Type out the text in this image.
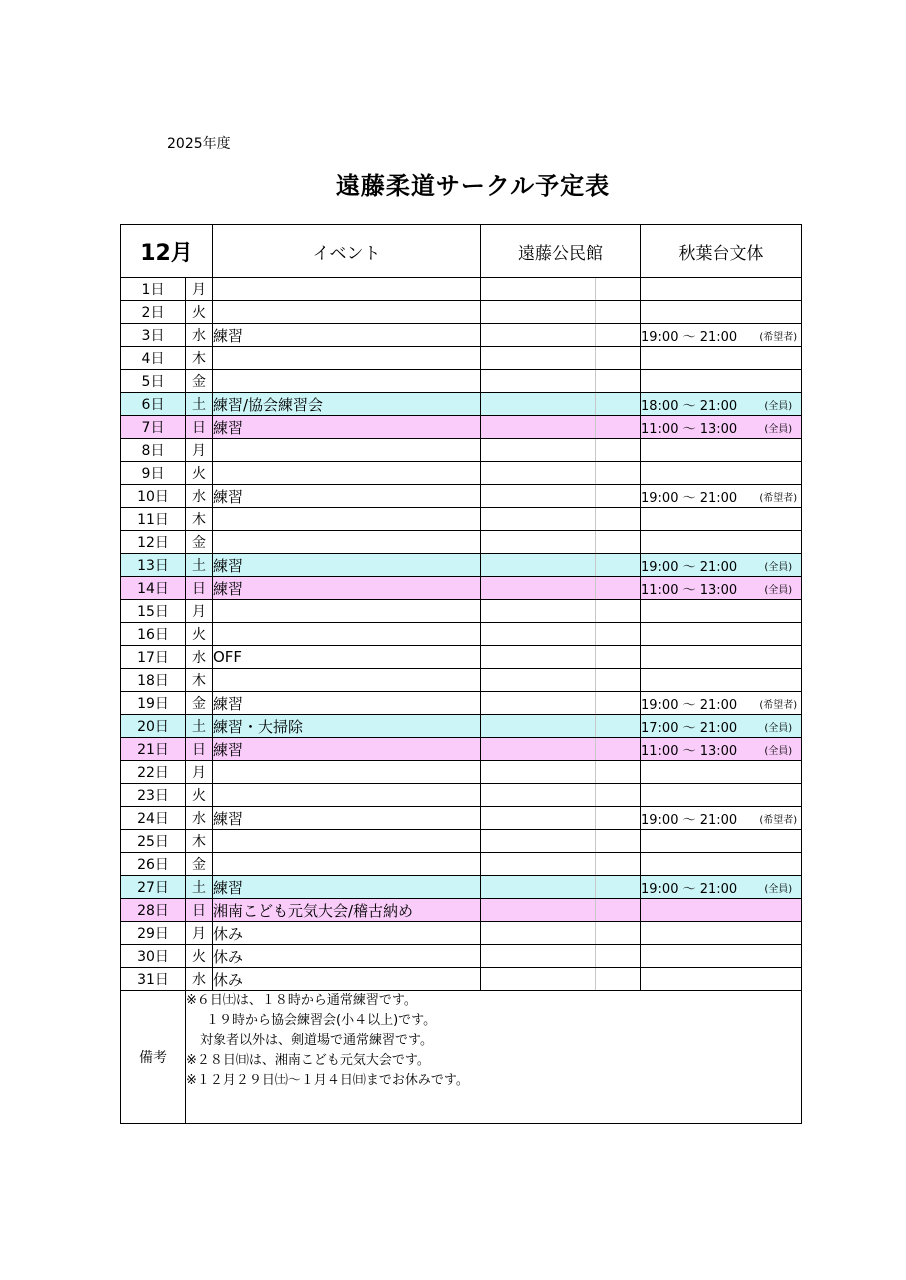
2025年度
遠藤柔道サークル予定表
12月		イベント	遠藤公民館		秋葉台文体	
1日	月					
2日	火					
3日	水	練習			19:00 〜 21:00	(希望者)
4日	木					
5日	金					
6日	土	練習/協会練習会			18:00 〜 21:00	(全員)
7日	日	練習			11:00 〜 13:00	(全員)
8日	月					
9日	火					
10日	水	練習			19:00 〜 21:00	(希望者)
11日	木					
12日	金					
13日	土	練習			19:00 〜 21:00	(全員)
14日	日	練習			11:00 〜 13:00	(全員)
15日	月					
16日	火					
17日	水	OFF				
18日	木					
19日	金	練習			19:00 〜 21:00	(希望者)
20日	土	練習・大掃除			17:00 〜 21:00	(全員)
21日	日	練習			11:00 〜 13:00	(全員)
22日	月					
23日	火					
24日	水	練習			19:00 〜 21:00	(希望者)
25日	木					
26日	金					
27日	土	練習			19:00 〜 21:00	(全員)
28日	日	湘南こども元気大会/稽古納め				
29日	月	休み				
30日	火	休み				
31日	水	休み				
備考	※６日㈯は、１８時から通常練習です。
１９時から協会練習会(小４以上)です。
対象者以外は、剣道場で通常練習です。
※２８日㈰は、湘南こども元気大会です。
※１２月２９日㈯〜１月４日㈰までお休みです。					
